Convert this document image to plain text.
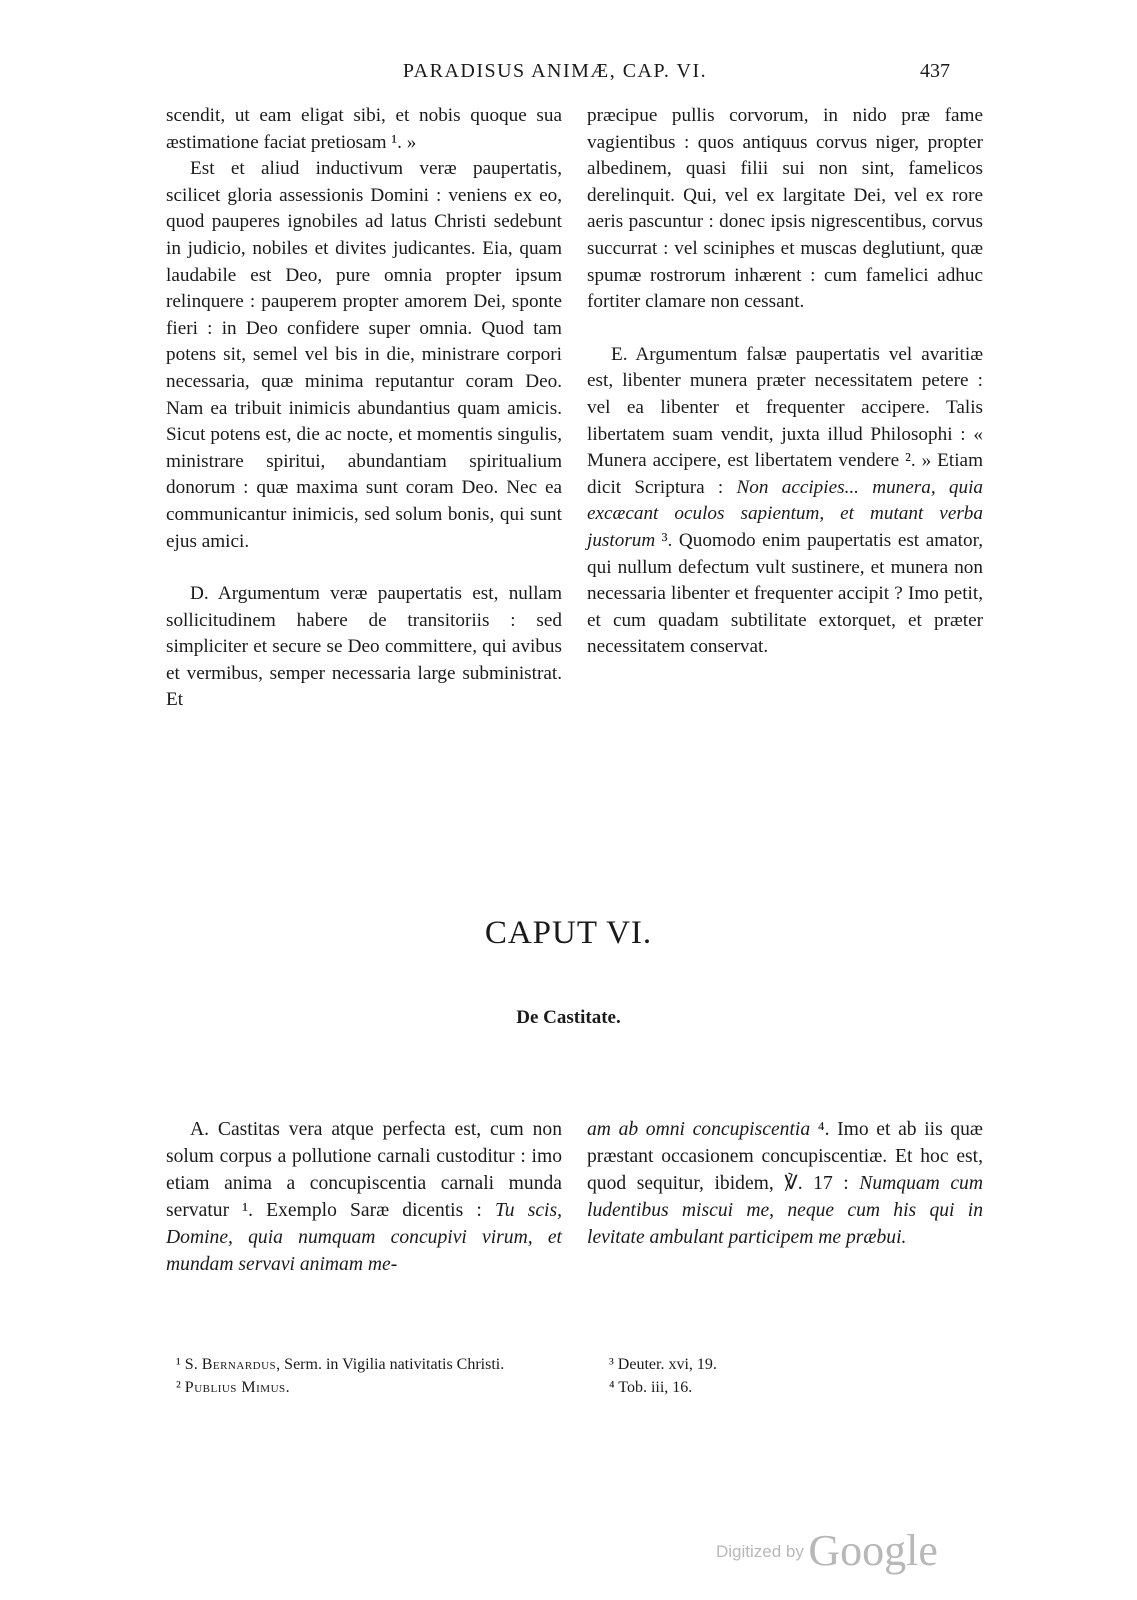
PARADISUS ANIMÆ, CAP. VI.	437

scendit, ut eam eligat sibi, et nobis quoque sua æstimatione faciat pretiosam ¹. »

Est et aliud inductivum veræ paupertatis, scilicet gloria assessionis Domini : veniens ex eo, quod pauperes ignobiles ad latus Christi sedebunt in judicio, nobiles et divites judicantes. Eia, quam laudabile est Deo, pure omnia propter ipsum relinquere : pauperem propter amorem Dei, sponte fieri : in Deo confidere super omnia. Quod tam potens sit, semel vel bis in die, ministrare corpori necessaria, quæ minima reputantur coram Deo. Nam ea tribuit inimicis abundantius quam amicis. Sicut potens est, die ac nocte, et momentis singulis, ministrare spiritui, abundantiam spiritualium donorum : quæ maxima sunt coram Deo. Nec ea communicantur inimicis, sed solum bonis, qui sunt ejus amici.

D. Argumentum veræ paupertatis est, nullam sollicitudinem habere de transitoriis : sed simpliciter et secure se Deo committere, qui avibus et vermibus, semper necessaria large subministrat. Et

præcipue pullis corvorum, in nido præ fame vagientibus : quos antiquus corvus niger, propter albedinem, quasi filii sui non sint, famelicos derelinquit. Qui, vel ex largitate Dei, vel ex rore aeris pascuntur : donec ipsis nigrescentibus, corvus succurrat : vel sciniphes et muscas deglutiunt, quæ spumæ rostrorum inhærent : cum famelici adhuc fortiter clamare non cessant.

E. Argumentum falsæ paupertatis vel avaritiæ est, libenter munera præter necessitatem petere : vel ea libenter et frequenter accipere. Talis libertatem suam vendit, juxta illud Philosophi : « Munera accipere, est libertatem vendere ². » Etiam dicit Scriptura : Non accipies... munera, quia excæcant oculos sapientum, et mutant verba justorum ³. Quomodo enim paupertatis est amator, qui nullum defectum vult sustinere, et munera non necessaria libenter et frequenter accipit ? Imo petit, et cum quadam subtilitate extorquet, et præter necessitatem conservat.

CAPUT VI.
De Castitate.

A. Castitas vera atque perfecta est, cum non solum corpus a pollutione carnali custoditur : imo etiam anima a concupiscentia carnali munda servatur ¹. Exemplo Saræ dicentis : Tu scis, Domine, quia numquam concupivi virum, et mundam servavi animam me-

am ab omni concupiscentia ⁴. Imo et ab iis quæ præstant occasionem concupiscentiæ. Et hoc est, quod sequitur, ibidem, ℣. 17 : Numquam cum ludentibus miscui me, neque cum his qui in levitate ambulant participem me præbui.

¹ S. Bernardus, Serm. in Vigilia nativitatis Christi.

² Publius Mimus.

³ Deuter. xvi, 19.

⁴ Tob. iii, 16.

Digitized by Google
